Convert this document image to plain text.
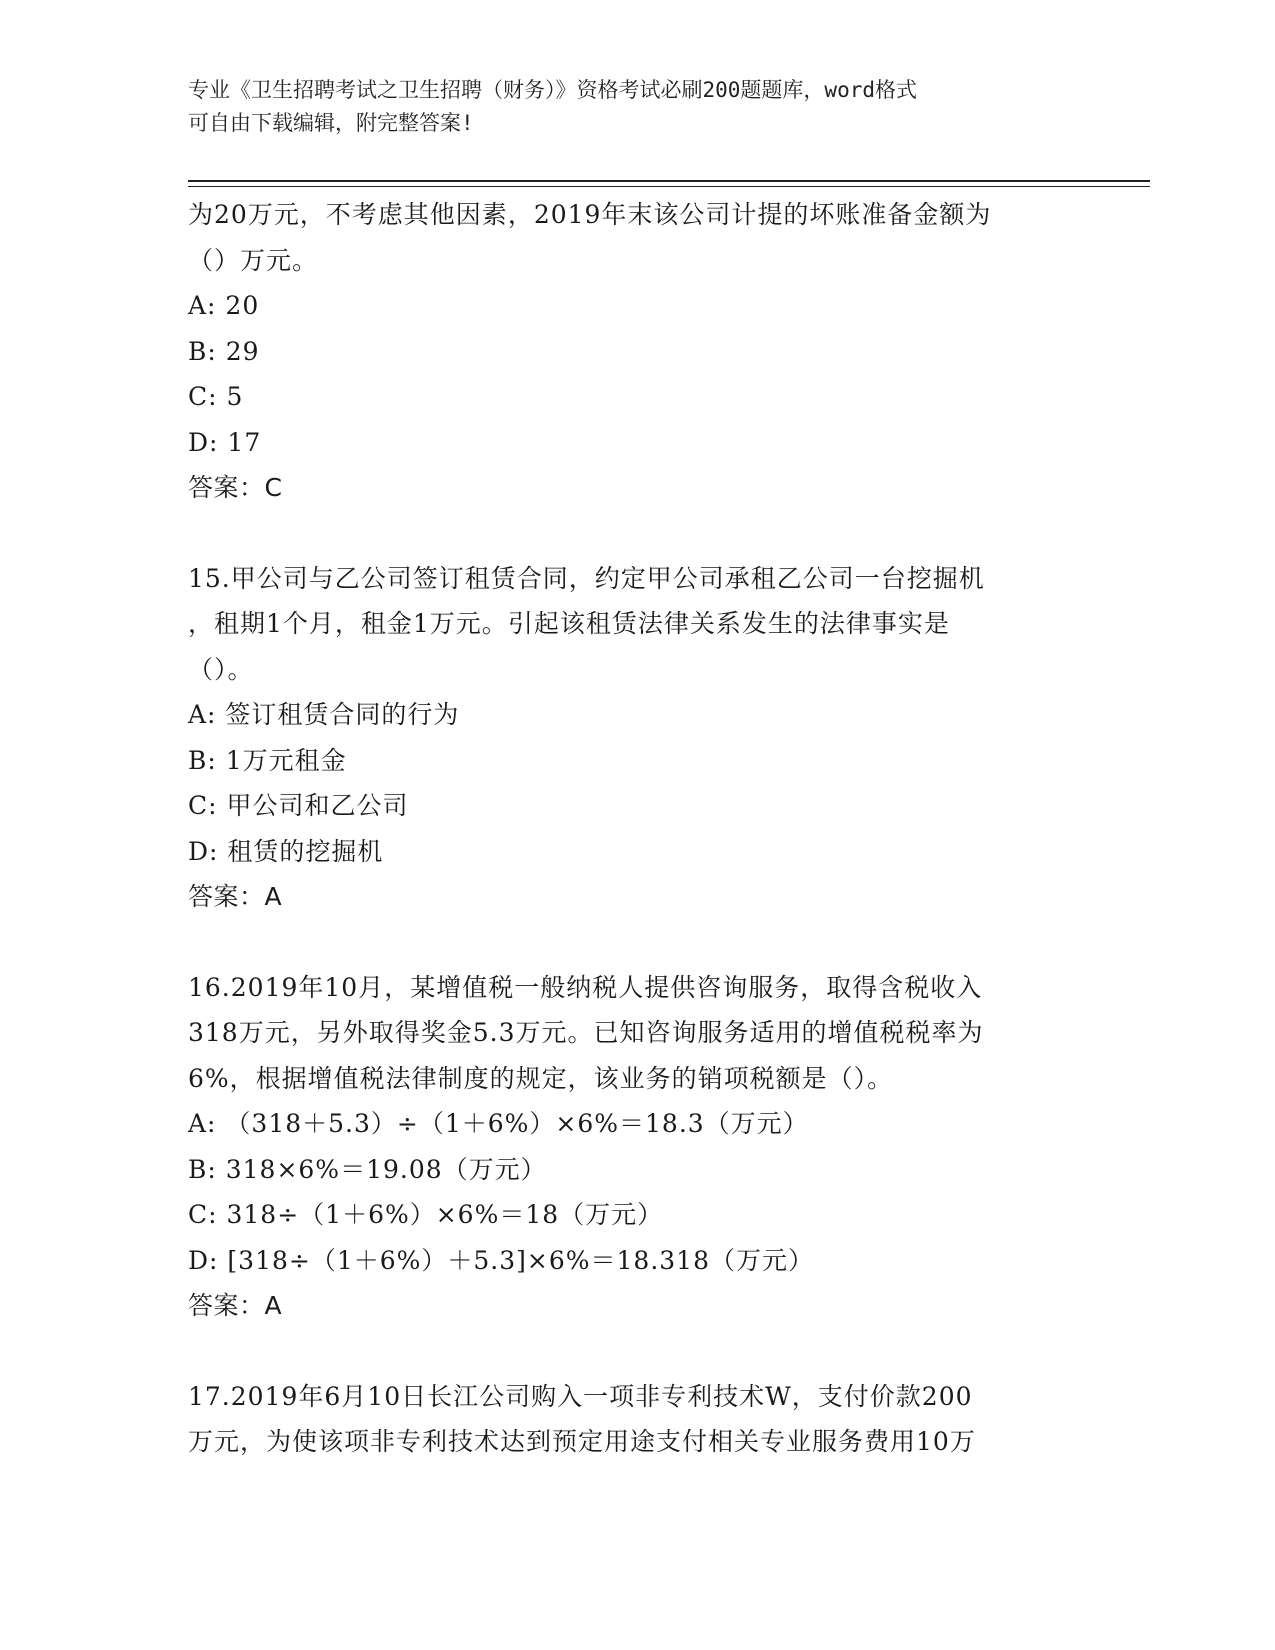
专业《卫生招聘考试之卫生招聘（财务）》资格考试必刷200题题库，word格式
可自由下载编辑，附完整答案!
为20万元，不考虑其他因素，2019年末该公司计提的坏账准备金额为
（）万元。
A: 20
B: 29
C: 5
D: 17
答案：C
15.甲公司与乙公司签订租赁合同，约定甲公司承租乙公司一台挖掘机
，租期1个月，租金1万元。引起该租赁法律关系发生的法律事实是
（）。
A: 签订租赁合同的行为
B: 1万元租金
C: 甲公司和乙公司
D: 租赁的挖掘机
答案：A
16.2019年10月，某增值税一般纳税人提供咨询服务，取得含税收入
318万元，另外取得奖金5.3万元。已知咨询服务适用的增值税税率为
6%，根据增值税法律制度的规定，该业务的销项税额是（）。
A: （318＋5.3）÷（1＋6%）×6%＝18.3（万元）
B: 318×6%＝19.08（万元）
C: 318÷（1＋6%）×6%＝18（万元）
D: [318÷（1＋6%）＋5.3]×6%＝18.318（万元）
答案：A
17.2019年6月10日长江公司购入一项非专利技术W，支付价款200
万元，为使该项非专利技术达到预定用途支付相关专业服务费用10万
